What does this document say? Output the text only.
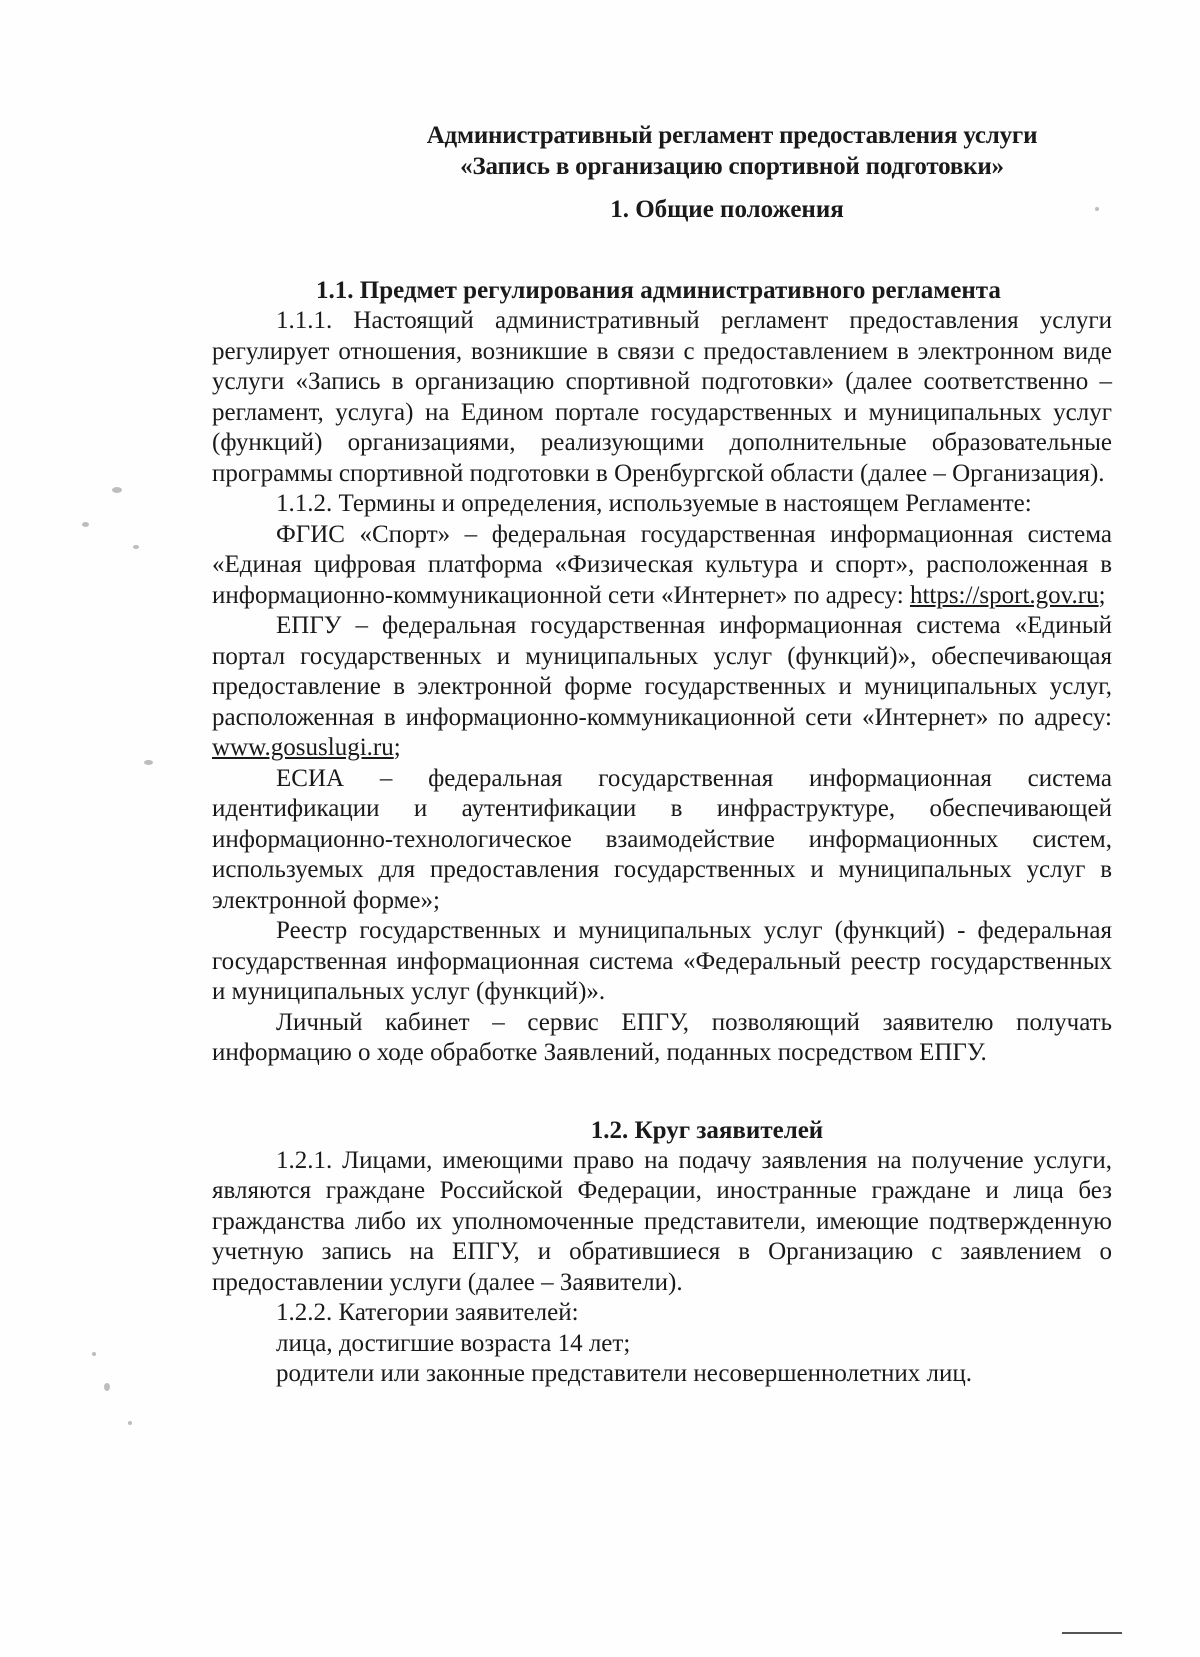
Административный регламент предоставления услуги
«Запись в организацию спортивной подготовки»
1. Общие положения
1.1. Предмет регулирования административного регламента

1.1.1. Настоящий административный регламент предоставления услуги регулирует отношения, возникшие в связи с предоставлением в электронном виде услуги «Запись в организацию спортивной подготовки» (далее соответственно – регламент, услуга) на Едином портале государственных и муниципальных услуг (функций) организациями, реализующими дополнительные образовательные программы спортивной подготовки в Оренбургской области (далее – Организация).

1.1.2. Термины и определения, используемые в настоящем Регламенте:

ФГИС «Спорт» – федеральная государственная информационная система «Единая цифровая платформа «Физическая культура и спорт», расположенная в информационно-коммуникационной сети «Интернет» по адресу: https://sport.gov.ru;

ЕПГУ – федеральная государственная информационная система «Единый портал государственных и муниципальных услуг (функций)», обеспечивающая предоставление в электронной форме государственных и муниципальных услуг, расположенная в информационно-коммуникационной сети «Интернет» по адресу: www.gosuslugi.ru;

ЕСИА – федеральная государственная информационная система идентификации и аутентификации в инфраструктуре, обеспечивающей информационно-технологическое взаимодействие информационных систем, используемых для предоставления государственных и муниципальных услуг в электронной форме»;

Реестр государственных и муниципальных услуг (функций) - федеральная государственная информационная система «Федеральный реестр государственных и муниципальных услуг (функций)».

Личный кабинет – сервис ЕПГУ, позволяющий заявителю получать информацию о ходе обработке Заявлений, поданных посредством ЕПГУ.

1.2. Круг заявителей

1.2.1. Лицами, имеющими право на подачу заявления на получение услуги, являются граждане Российской Федерации, иностранные граждане и лица без гражданства либо их уполномоченные представители, имеющие подтвержденную учетную запись на ЕПГУ, и обратившиеся в Организацию с заявлением о предоставлении услуги (далее – Заявители).

1.2.2. Категории заявителей:

лица, достигшие возраста 14 лет;

родители или законные представители несовершеннолетних лиц.
